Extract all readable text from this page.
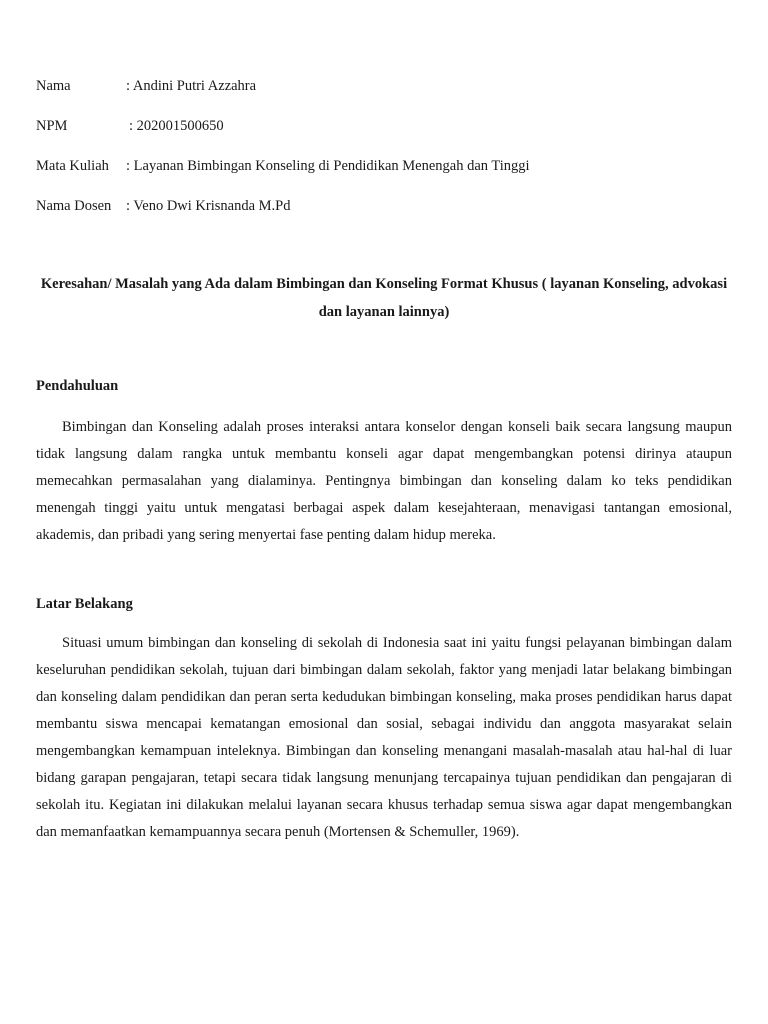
Nama	: Andini Putri Azzahra
NPM	: 202001500650
Mata Kuliah : Layanan Bimbingan Konseling di Pendidikan Menengah dan Tinggi
Nama Dosen : Veno Dwi Krisnanda M.Pd
Keresahan/ Masalah yang Ada dalam Bimbingan dan Konseling Format Khusus ( layanan Konseling, advokasi dan layanan lainnya)
Pendahuluan

Bimbingan dan Konseling adalah proses interaksi antara konselor dengan konseli baik secara langsung maupun tidak langsung dalam rangka untuk membantu konseli agar dapat mengembangkan potensi dirinya ataupun memecahkan permasalahan yang dialaminya. Pentingnya bimbingan dan konseling dalam ko teks pendidikan menengah tinggi yaitu untuk mengatasi berbagai aspek dalam kesejahteraan, menavigasi tantangan emosional, akademis, dan pribadi yang sering menyertai fase penting dalam hidup mereka.

Latar Belakang

Situasi umum bimbingan dan konseling di sekolah di Indonesia saat ini yaitu fungsi pelayanan bimbingan dalam keseluruhan pendidikan sekolah, tujuan dari bimbingan dalam sekolah, faktor yang menjadi latar belakang bimbingan dan konseling dalam pendidikan dan peran serta kedudukan bimbingan konseling, maka proses pendidikan harus dapat membantu siswa mencapai kematangan emosional dan sosial, sebagai individu dan anggota masyarakat selain mengembangkan kemampuan inteleknya. Bimbingan dan konseling menangani masalah-masalah atau hal-hal di luar bidang garapan pengajaran, tetapi secara tidak langsung menunjang tercapainya tujuan pendidikan dan pengajaran di sekolah itu. Kegiatan ini dilakukan melalui layanan secara khusus terhadap semua siswa agar dapat mengembangkan dan memanfaatkan kemampuannya secara penuh (Mortensen & Schemuller, 1969).
